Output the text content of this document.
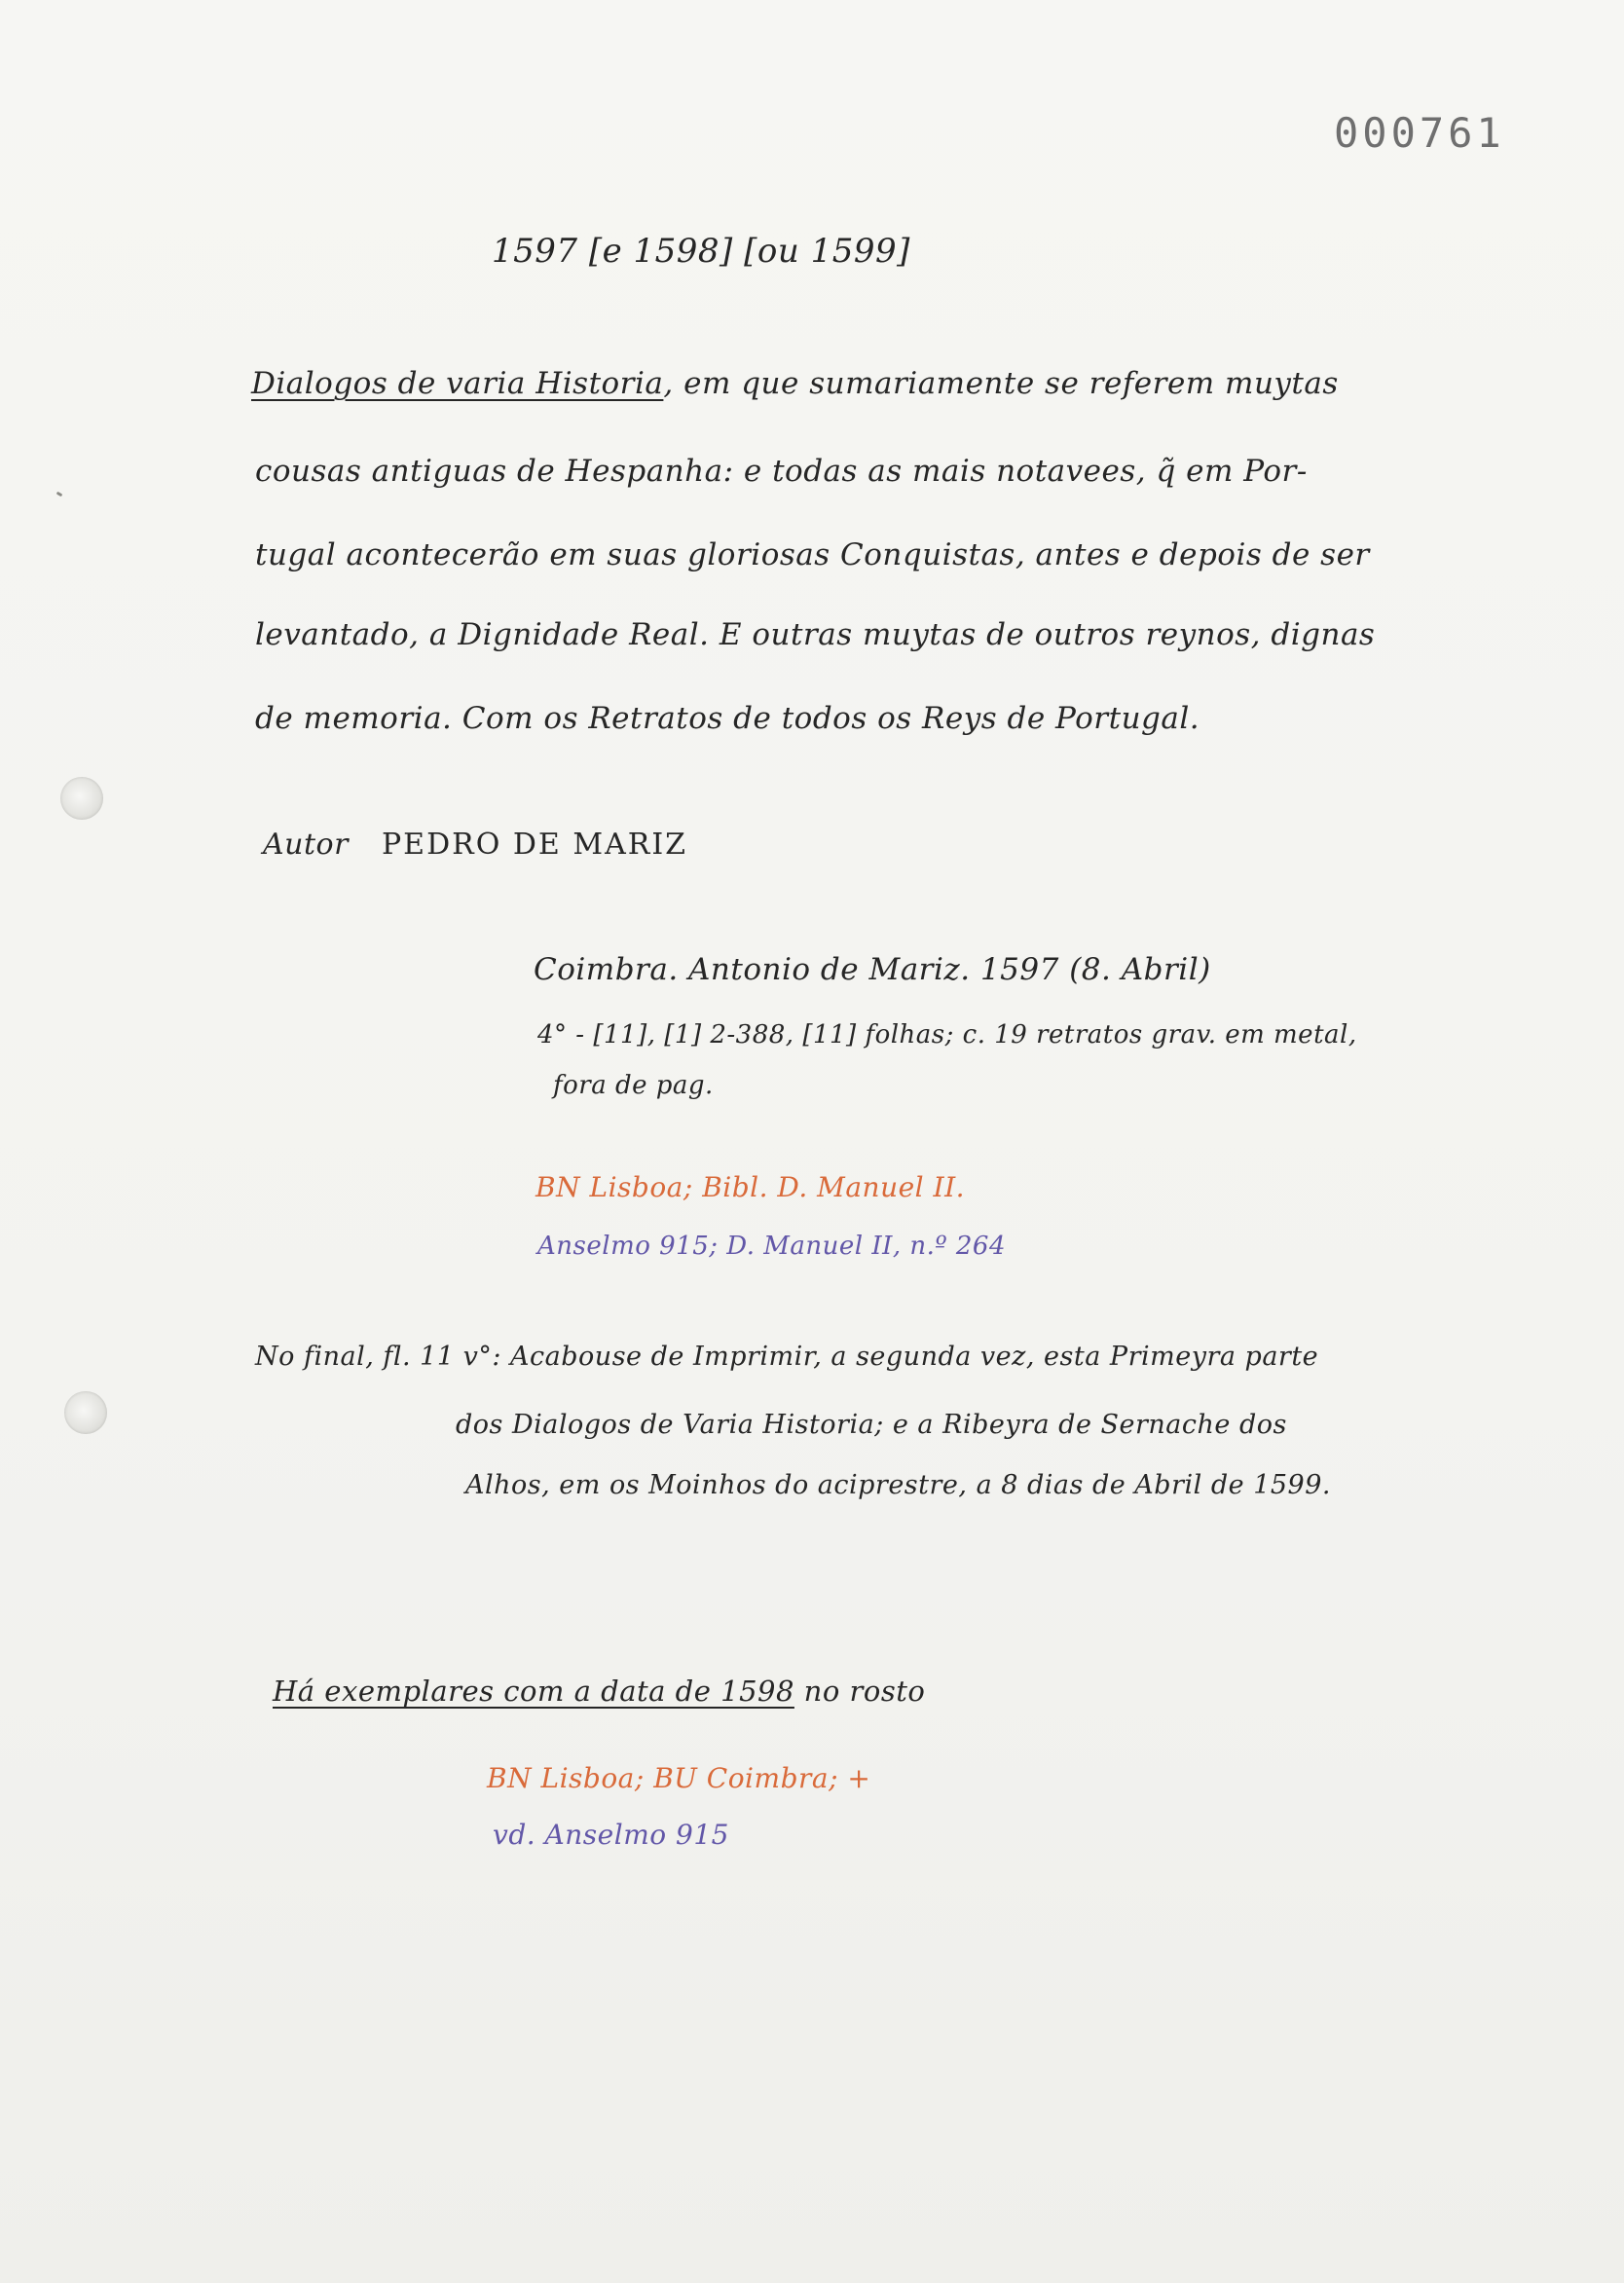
000761
1597 [e 1598] [ou 1599]
Dialogos de varia Historia, em que sumariamente se referem muytas
cousas antiguas de Hespanha: e todas as mais notavees, q̃ em Por-
tugal acontecerão em suas gloriosas Conquistas, antes e depois de ser
levantado, a Dignidade Real. E outras muytas de outros reynos, dignas
de memoria. Com os Retratos de todos os Reys de Portugal.
Autor PEDRO DE MARIZ
Coimbra. Antonio de Mariz. 1597 (8. Abril)
4° - [11], [1] 2-388, [11] folhas; c. 19 retratos grav. em metal,
fora de pag.
BN Lisboa; Bibl. D. Manuel II.
Anselmo 915; D. Manuel II, n.º 264
No final, fl. 11 v°: Acabouse de Imprimir, a segunda vez, esta Primeyra parte
dos Dialogos de Varia Historia; e a Ribeyra de Sernache dos
Alhos, em os Moinhos do aciprestre, a 8 dias de Abril de 1599.
Há exemplares com a data de 1598 no rosto
BN Lisboa; BU Coimbra; +
vd. Anselmo 915
